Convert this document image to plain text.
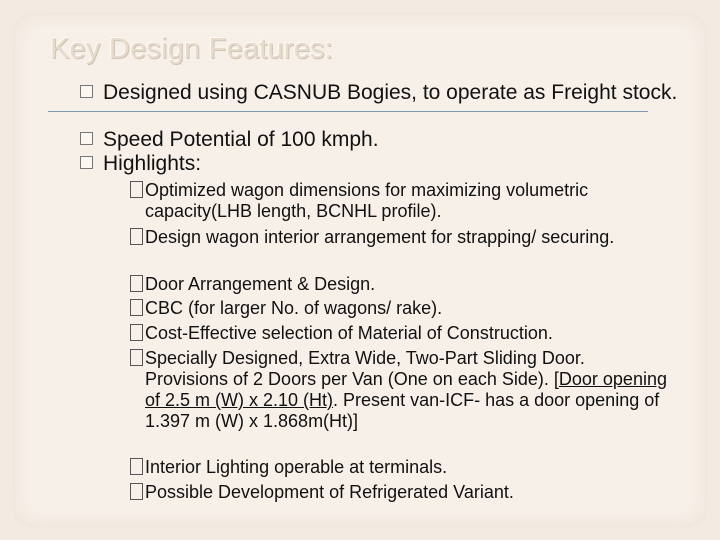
Key Design Features:
Designed using CASNUB Bogies, to operate as Freight stock.
Speed Potential of 100 kmph.
Highlights:
Optimized wagon dimensions for maximizing volumetric capacity(LHB length, BCNHL profile).
Design wagon interior arrangement for strapping/ securing.
Door Arrangement & Design.
CBC (for larger No. of wagons/ rake).
Cost-Effective selection of Material of Construction.
Specially Designed, Extra Wide, Two-Part Sliding Door. Provisions of 2 Doors per Van (One on each Side). [Door opening of 2.5 m (W) x 2.10 (Ht). Present van-ICF- has a door opening of 1.397 m (W) x 1.868m(Ht)]
Interior Lighting operable at terminals.
Possible Development of Refrigerated Variant.
